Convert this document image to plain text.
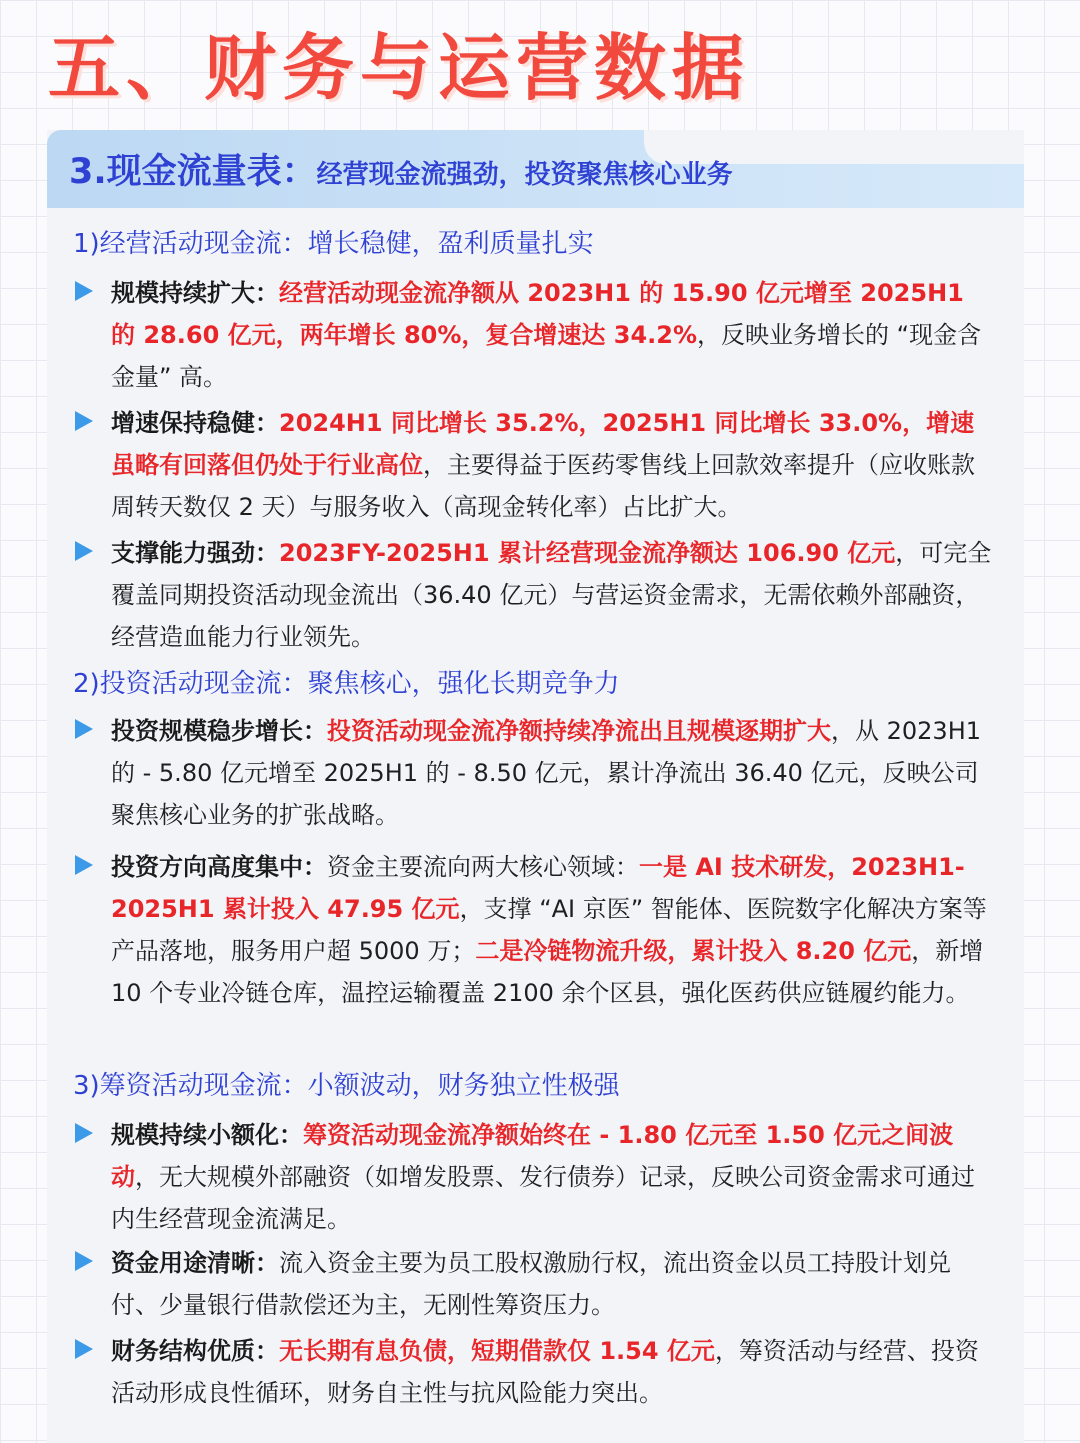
五、财务与运营数据
3.现金流量表：经营现金流强劲，投资聚焦核心业务
1)经营活动现金流：增长稳健，盈利质量扎实

规模持续扩大：经营活动现金流净额从 2023H1 的 15.90 亿元增至 2025H1 的 28.60 亿元，两年增长 80%，复合增速达 34.2%，反映业务增长的 “现金含金量” 高。

增速保持稳健：2024H1 同比增长 35.2%，2025H1 同比增长 33.0%，增速虽略有回落但仍处于行业高位，主要得益于医药零售线上回款效率提升（应收账款周转天数仅 2 天）与服务收入（高现金转化率）占比扩大。

支撑能力强劲：2023FY-2025H1 累计经营现金流净额达 106.90 亿元，可完全覆盖同期投资活动现金流出（36.40 亿元）与营运资金需求，无需依赖外部融资，经营造血能力行业领先。

2)投资活动现金流：聚焦核心，强化长期竞争力

投资规模稳步增长：投资活动现金流净额持续净流出且规模逐期扩大，从 2023H1 的 - 5.80 亿元增至 2025H1 的 - 8.50 亿元，累计净流出 36.40 亿元，反映公司聚焦核心业务的扩张战略。

投资方向高度集中：资金主要流向两大核心领域：一是 AI 技术研发，2023H1-2025H1 累计投入 47.95 亿元，支撑 “AI 京医” 智能体、医院数字化解决方案等产品落地，服务用户超 5000 万；二是冷链物流升级，累计投入 8.20 亿元，新增 10 个专业冷链仓库，温控运输覆盖 2100 余个区县，强化医药供应链履约能力。

3)筹资活动现金流：小额波动，财务独立性极强

规模持续小额化：筹资活动现金流净额始终在 - 1.80 亿元至 1.50 亿元之间波动，无大规模外部融资（如增发股票、发行债券）记录，反映公司资金需求可通过内生经营现金流满足。

资金用途清晰：流入资金主要为员工股权激励行权，流出资金以员工持股计划兑付、少量银行借款偿还为主，无刚性筹资压力。

财务结构优质：无长期有息负债，短期借款仅 1.54 亿元，筹资活动与经营、投资活动形成良性循环，财务自主性与抗风险能力突出。
